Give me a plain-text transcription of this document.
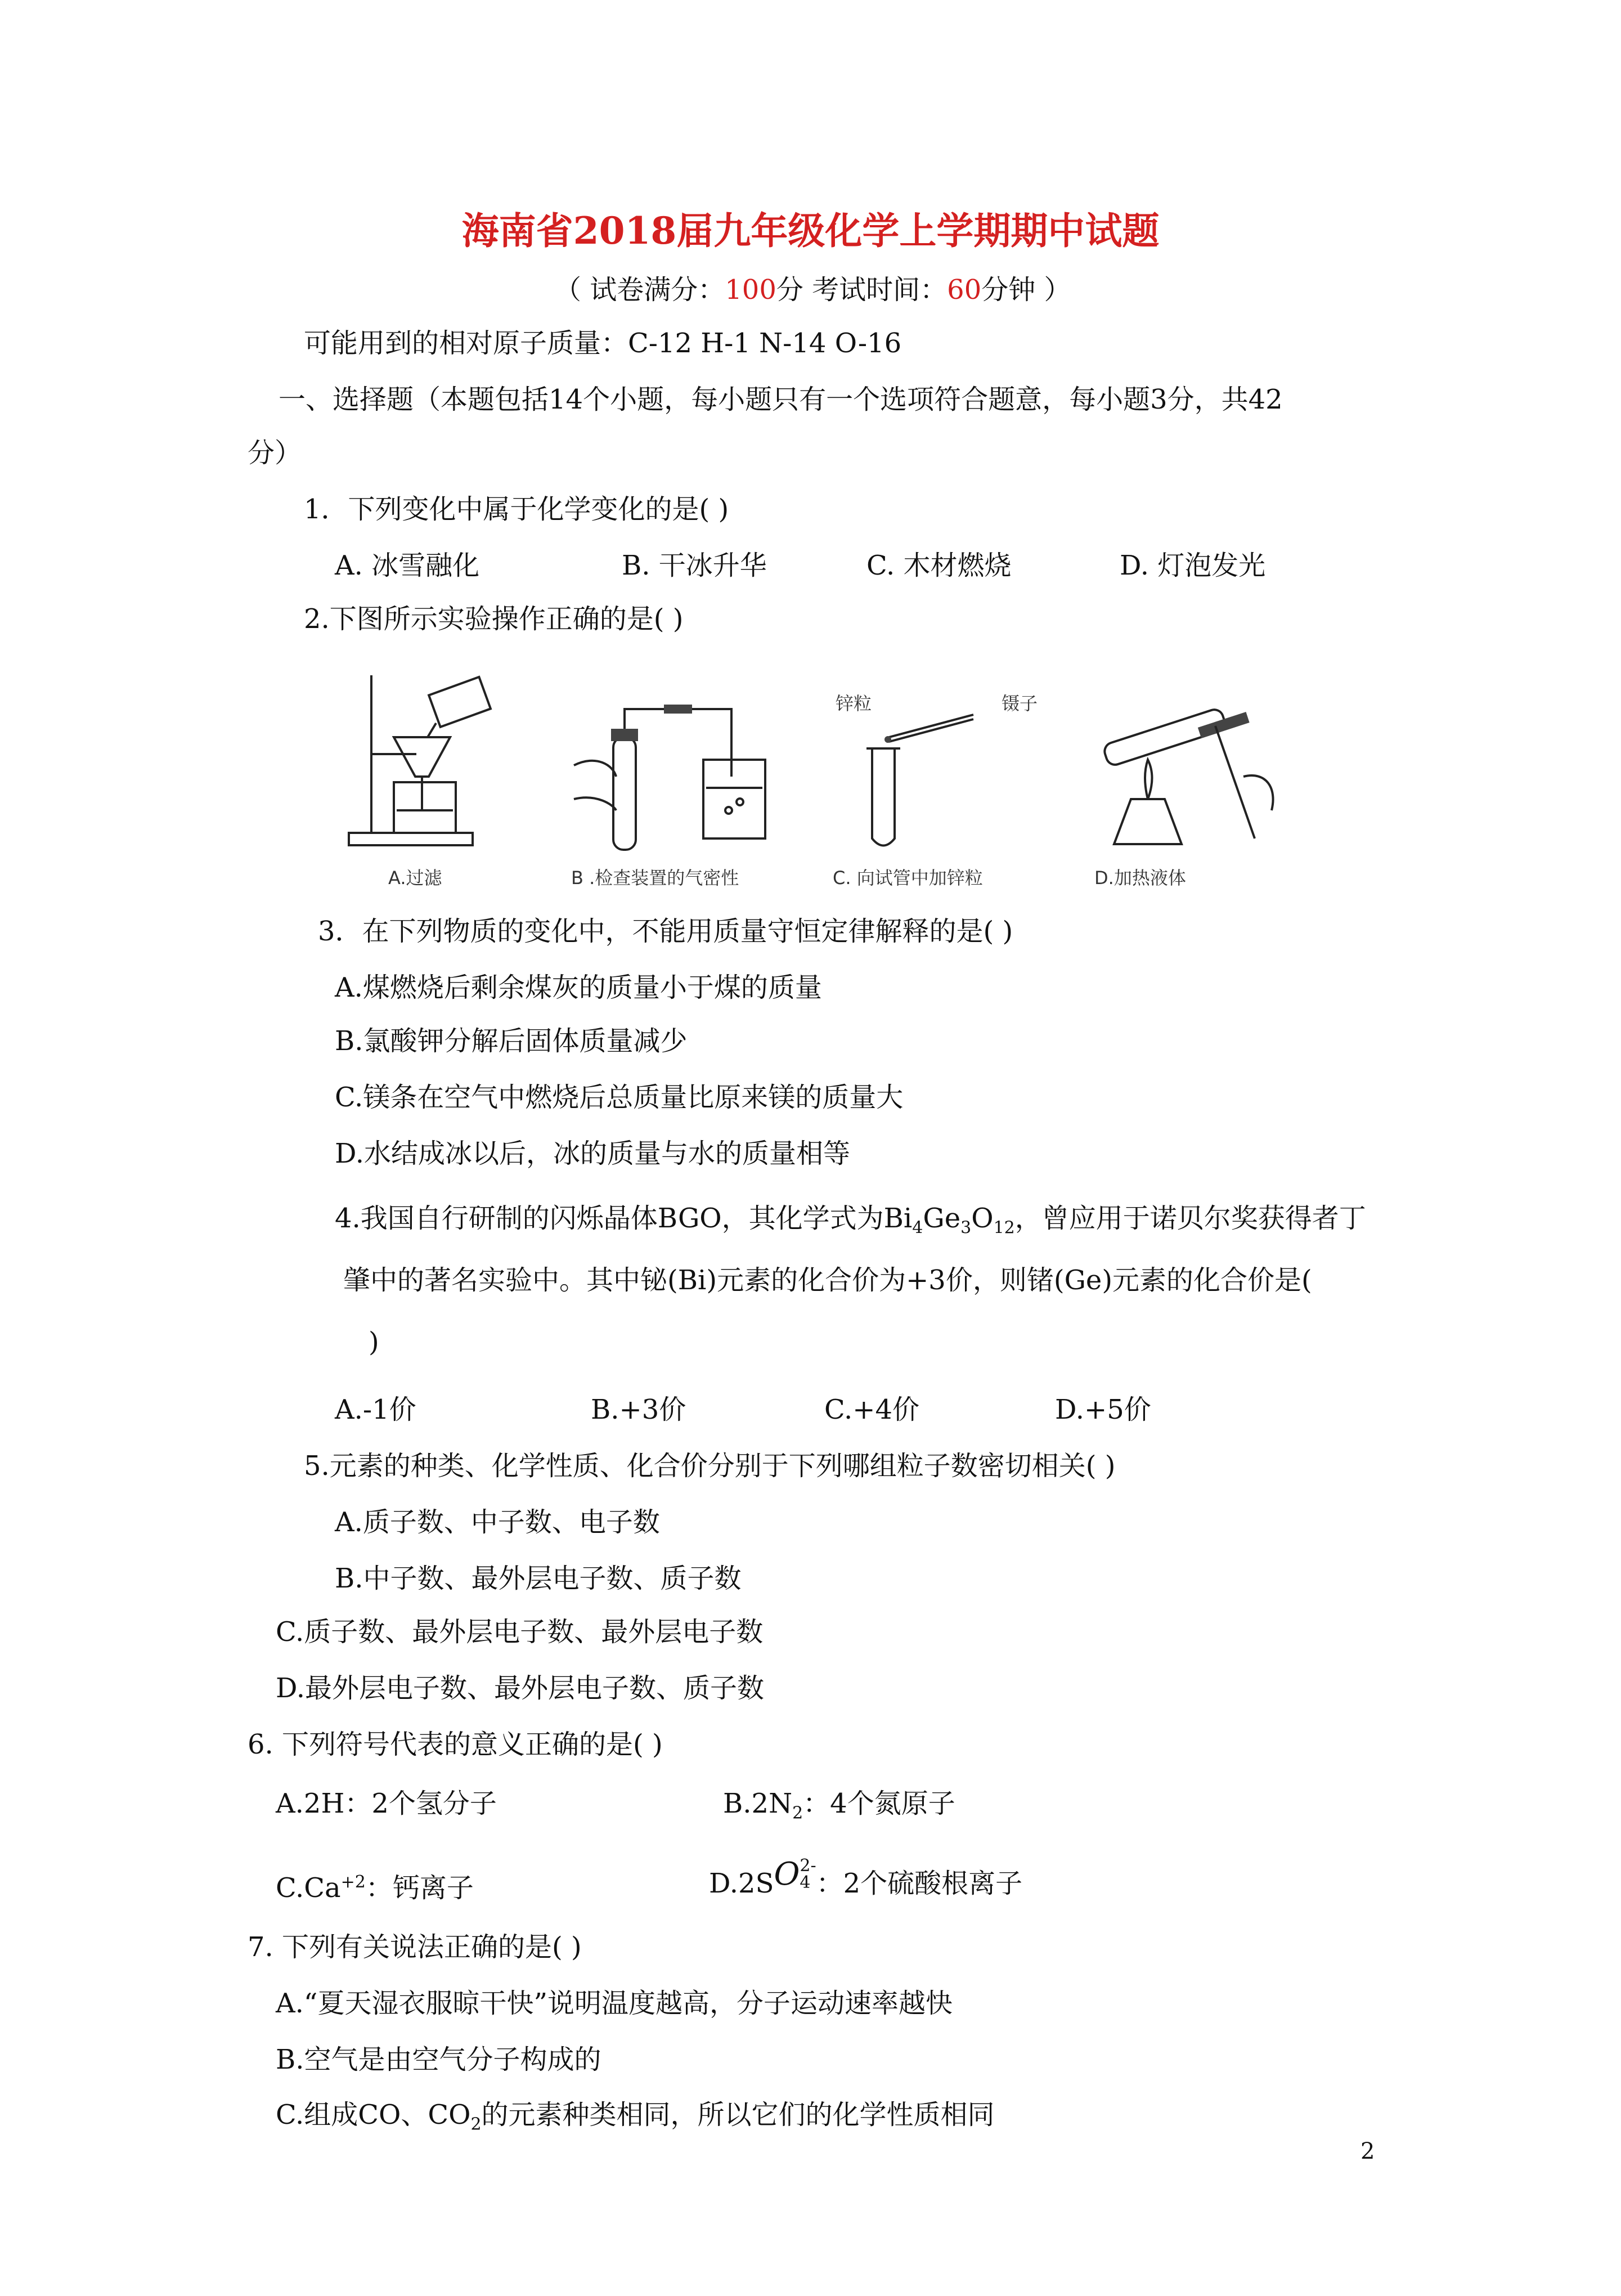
海南省2018届九年级化学上学期期中试题
（ 试卷满分：100分 考试时间：60分钟 ）
可能用到的相对原子质量：C-12 H-1 N-14 O-16
一、选择题（本题包括14个小题，每小题只有一个选项符合题意，每小题3分，共42
分）
1．下列变化中属于化学变化的是( )
A. 冰雪融化	B. 干冰升华	C. 木材燃烧	D. 灯泡发光
2.下图所示实验操作正确的是( )
A.过滤	B .检查装置的气密性
锌粒	镊子
C. 向试管中加锌粒	D.加热液体
3．在下列物质的变化中，不能用质量守恒定律解释的是( )
A.煤燃烧后剩余煤灰的质量小于煤的质量
B.氯酸钾分解后固体质量减少
C.镁条在空气中燃烧后总质量比原来镁的质量大
D.水结成冰以后，冰的质量与水的质量相等
4.我国自行研制的闪烁晶体BGO，其化学式为$Bi_4Ge_3O_{12}$，曾应用于诺贝尔奖获得者丁
肇中的著名实验中。其中铋(Bi)元素的化合价为+3价，则锗(Ge)元素的化合价是(
)
A.-1价	B.+3价	C.+4价	D.+5价
5.元素的种类、化学性质、化合价分别于下列哪组粒子数密切相关( )
A.质子数、中子数、电子数
B.中子数、最外层电子数、质子数
C.质子数、最外层电子数、最外层电子数
D.最外层电子数、最外层电子数、质子数
6. 下列符号代表的意义正确的是( )
A.2H：2个氢分子	$B.2N_2$：4个氮原子
$C.Ca^{+2}$：钙离子	D.2SO 2-
4 ：2个硫酸根离子
7. 下列有关说法正确的是( )
A.“夏天湿衣服晾干快”说明温度越高，分子运动速率越快
B.空气是由空气分子构成的
C.组成CO、$CO_2$的元素种类相同，所以它们的化学性质相同
2
